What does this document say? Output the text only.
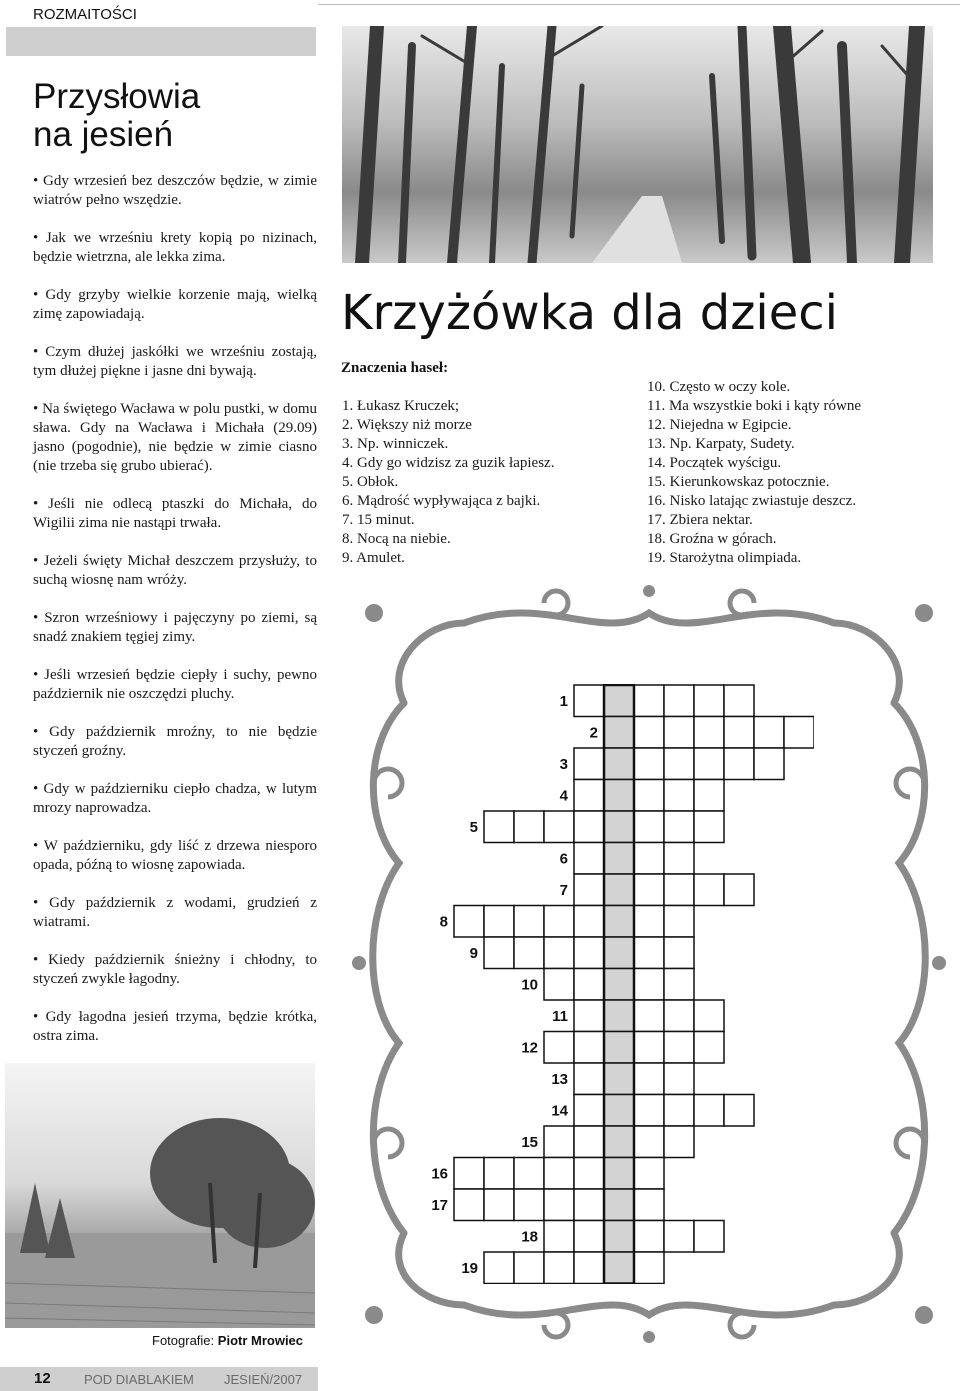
ROZMAITOŚCI
Przysłowia
na jesień
• Gdy wrzesień bez deszczów będzie, w zimie wiatrów pełno wszędzie.
• Jak we wrześniu krety kopią po nizinach, będzie wietrzna, ale lekka zima.
• Gdy grzyby wielkie korzenie mają, wielką zimę zapowiadają.
• Czym dłużej jaskółki we wrześniu zostają, tym dłużej piękne i jasne dni bywają.
• Na świętego Wacława w polu pustki, w domu sława. Gdy na Wacława i Michała (29.09) jasno (pogodnie), nie będzie w zimie ciasno (nie trzeba się grubo ubierać).
• Jeśli nie odlecą ptaszki do Michała, do Wigilii zima nie nastąpi trwała.
• Jeżeli święty Michał deszczem przysłuży, to suchą wiosnę nam wróży.
• Szron wrześniowy i pajęczyny po ziemi, są snadź znakiem tęgiej zimy.
• Jeśli wrzesień będzie ciepły i suchy, pewno październik nie oszczędzi pluchy.
• Gdy październik mroźny, to nie będzie styczeń groźny.
• Gdy w październiku ciepło chadza, w lutym mrozy naprowadza.
• W październiku, gdy liść z drzewa niesporo opada, późną to wiosnę zapowiada.
• Gdy październik z wodami, grudzień z wiatrami.
• Kiedy październik śnieżny i chłodny, to styczeń zwykle łagodny.
• Gdy łagodna jesień trzyma, będzie krótka, ostra zima.
Krzyżówka dla dzieci
Znaczenia haseł:
1. Łukasz Kruczek;
2. Większy niż morze
3. Np. winniczek.
4. Gdy go widzisz za guzik łapiesz.
5. Obłok.
6. Mądrość wypływająca z bajki.
7. 15 minut.
8. Nocą na niebie.
9. Amulet.
10. Często w oczy kole.
11. Ma wszystkie boki i kąty równe
12. Niejedna w Egipcie.
13. Np. Karpaty, Sudety.
14. Początek wyścigu.
15. Kierunkowskaz potocznie.
16. Nisko latając zwiastuje deszcz.
17. Zbiera nektar.
18. Groźna w górach.
19. Starożytna olimpiada.
1
2
3
4
5
6
7
8
9
10
11
12
13
14
15
16
17
18
19
Fotografie: Piotr Mrowiec
12	POD DIABLAKIEM JESIEŃ/2007
